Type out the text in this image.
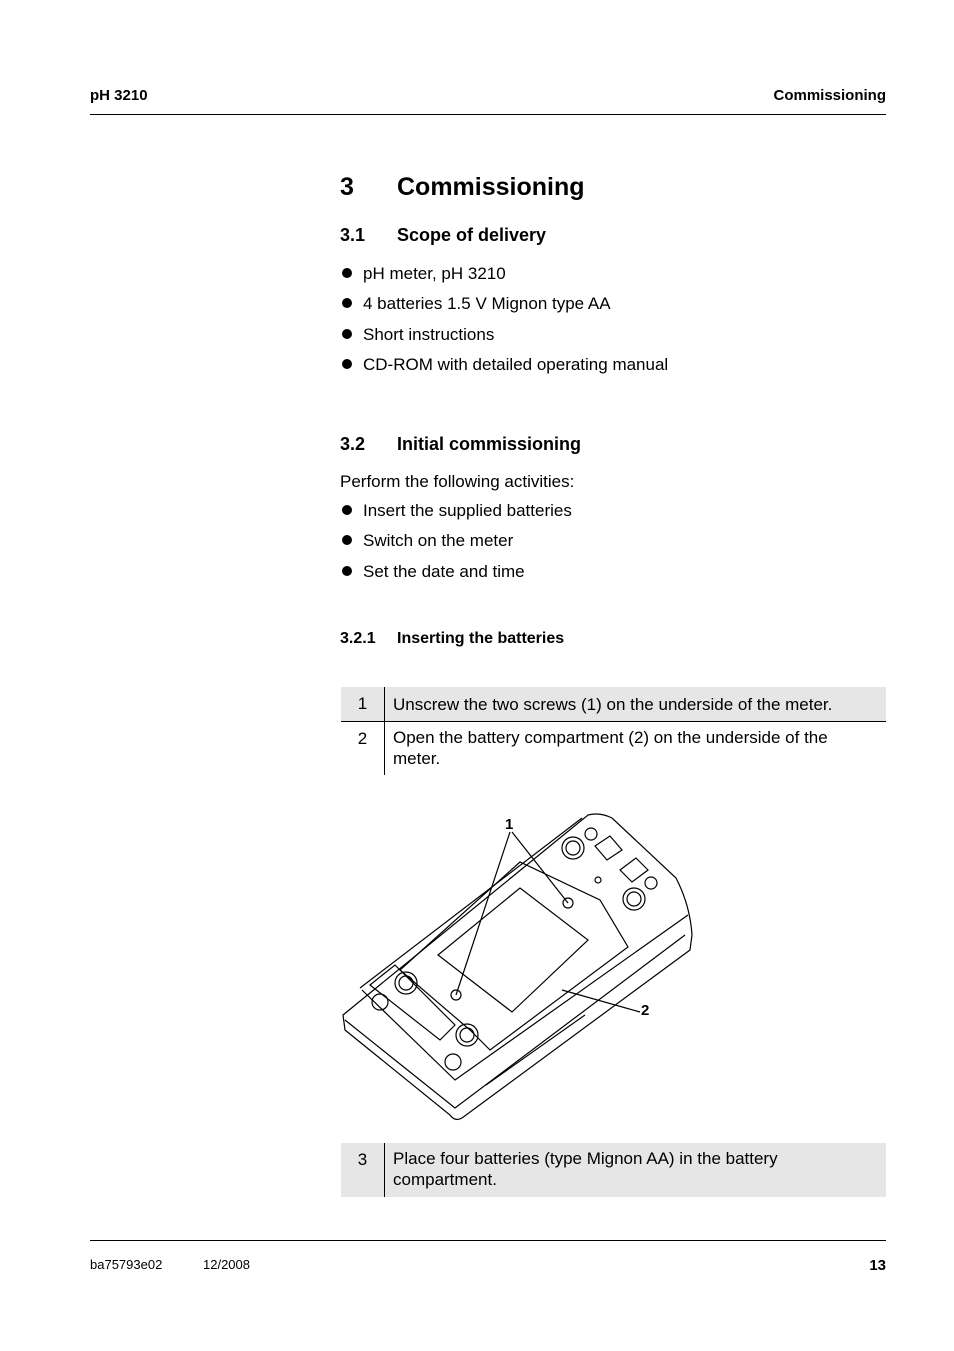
pH 3210	Commissioning
3 Commissioning
3.1 Scope of delivery
pH meter, pH 3210
4 batteries 1.5 V Mignon type AA
Short instructions
CD-ROM with detailed operating manual
3.2 Initial commissioning
Perform the following activities:
Insert the supplied batteries
Switch on the meter
Set the date and time
3.2.1 Inserting the batteries
1	Unscrew the two screws (1) on the underside of the meter.
2	Open the battery compartment (2) on the underside of the meter.
1
2
3	Place four batteries (type Mignon AA) in the battery compartment.
ba75793e02	12/2008	13
